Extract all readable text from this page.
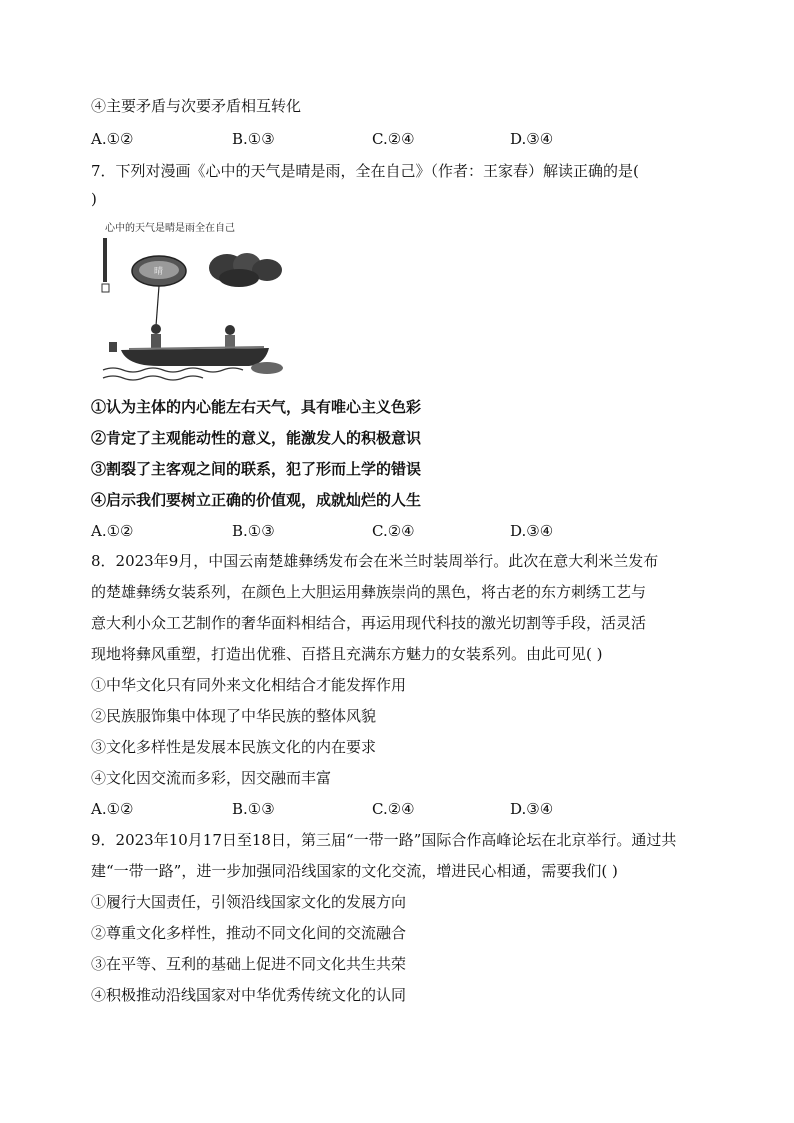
④主要矛盾与次要矛盾相互转化
A.①②	B.①③	C.②④	D.③④
7．下列对漫画《心中的天气是晴是雨，全在自己》（作者：王家春）解读正确的是(
)
心中的天气是晴是雨全在自己
晴
①认为主体的内心能左右天气，具有唯心主义色彩
②肯定了主观能动性的意义，能激发人的积极意识
③割裂了主客观之间的联系，犯了形而上学的错误
④启示我们要树立正确的价值观，成就灿烂的人生
A.①②	B.①③	C.②④	D.③④
8．2023年9月，中国云南楚雄彝绣发布会在米兰时装周举行。此次在意大利米兰发布
的楚雄彝绣女装系列，在颜色上大胆运用彝族崇尚的黑色，将古老的东方刺绣工艺与
意大利小众工艺制作的奢华面料相结合，再运用现代科技的激光切割等手段，活灵活
现地将彝风重塑，打造出优雅、百搭且充满东方魅力的女装系列。由此可见( )
①中华文化只有同外来文化相结合才能发挥作用
②民族服饰集中体现了中华民族的整体风貌
③文化多样性是发展本民族文化的内在要求
④文化因交流而多彩，因交融而丰富
A.①②	B.①③	C.②④	D.③④
9．2023年10月17日至18日，第三届“一带一路”国际合作高峰论坛在北京举行。通过共
建“一带一路”，进一步加强同沿线国家的文化交流，增进民心相通，需要我们( )
①履行大国责任，引领沿线国家文化的发展方向
②尊重文化多样性，推动不同文化间的交流融合
③在平等、互利的基础上促进不同文化共生共荣
④积极推动沿线国家对中华优秀传统文化的认同
